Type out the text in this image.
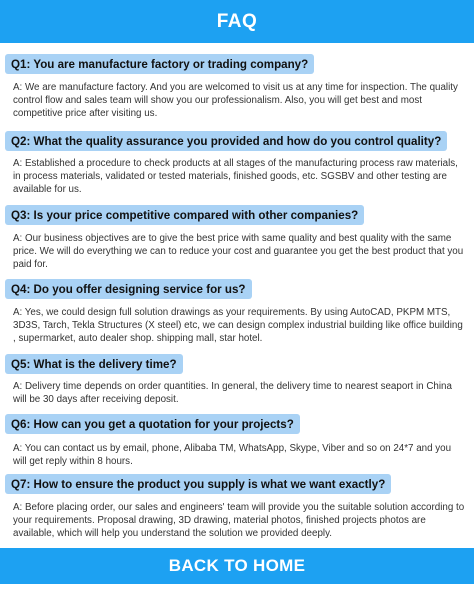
FAQ
Q1: You are manufacture factory or trading company?
A: We are manufacture factory. And you are welcomed to visit us at any time for inspection. The quality control flow and sales team will show you our professionalism. Also, you will get best and most competitive price after visiting us.
Q2: What the quality assurance you provided and how do you control quality?
A: Established a procedure to check products at all stages of the manufacturing process raw materials, in process materials, validated or tested materials, finished goods, etc. SGSBV and other testing are available for us.
Q3: Is your price competitive compared with other companies?
A: Our business objectives are to give the best price with same quality and best quality with the same price. We will do everything we can to reduce your cost and guarantee you get the best product that you paid for.
Q4: Do you offer designing service for us?
A: Yes, we could design full solution drawings as your requirements. By using AutoCAD, PKPM MTS, 3D3S, Tarch, Tekla Structures (X steel) etc, we can design complex industrial building like office building , supermarket, auto dealer shop. shipping mall, star hotel.
Q5: What is the delivery time?
A: Delivery time depends on order quantities. In general, the delivery time to nearest seaport in China will be 30 days after receiving deposit.
Q6: How can you get a quotation for your projects?
A: You can contact us by email, phone, Alibaba TM, WhatsApp, Skype, Viber and so on 24*7 and you will get reply within 8 hours.
Q7: How to ensure the product you supply is what we want exactly?
A: Before placing order, our sales and engineers' team will provide you the suitable solution according to your requirements. Proposal drawing, 3D drawing, material photos, finished projects photos are available, which will help you understand the solution we provided deeply.
BACK TO HOME
